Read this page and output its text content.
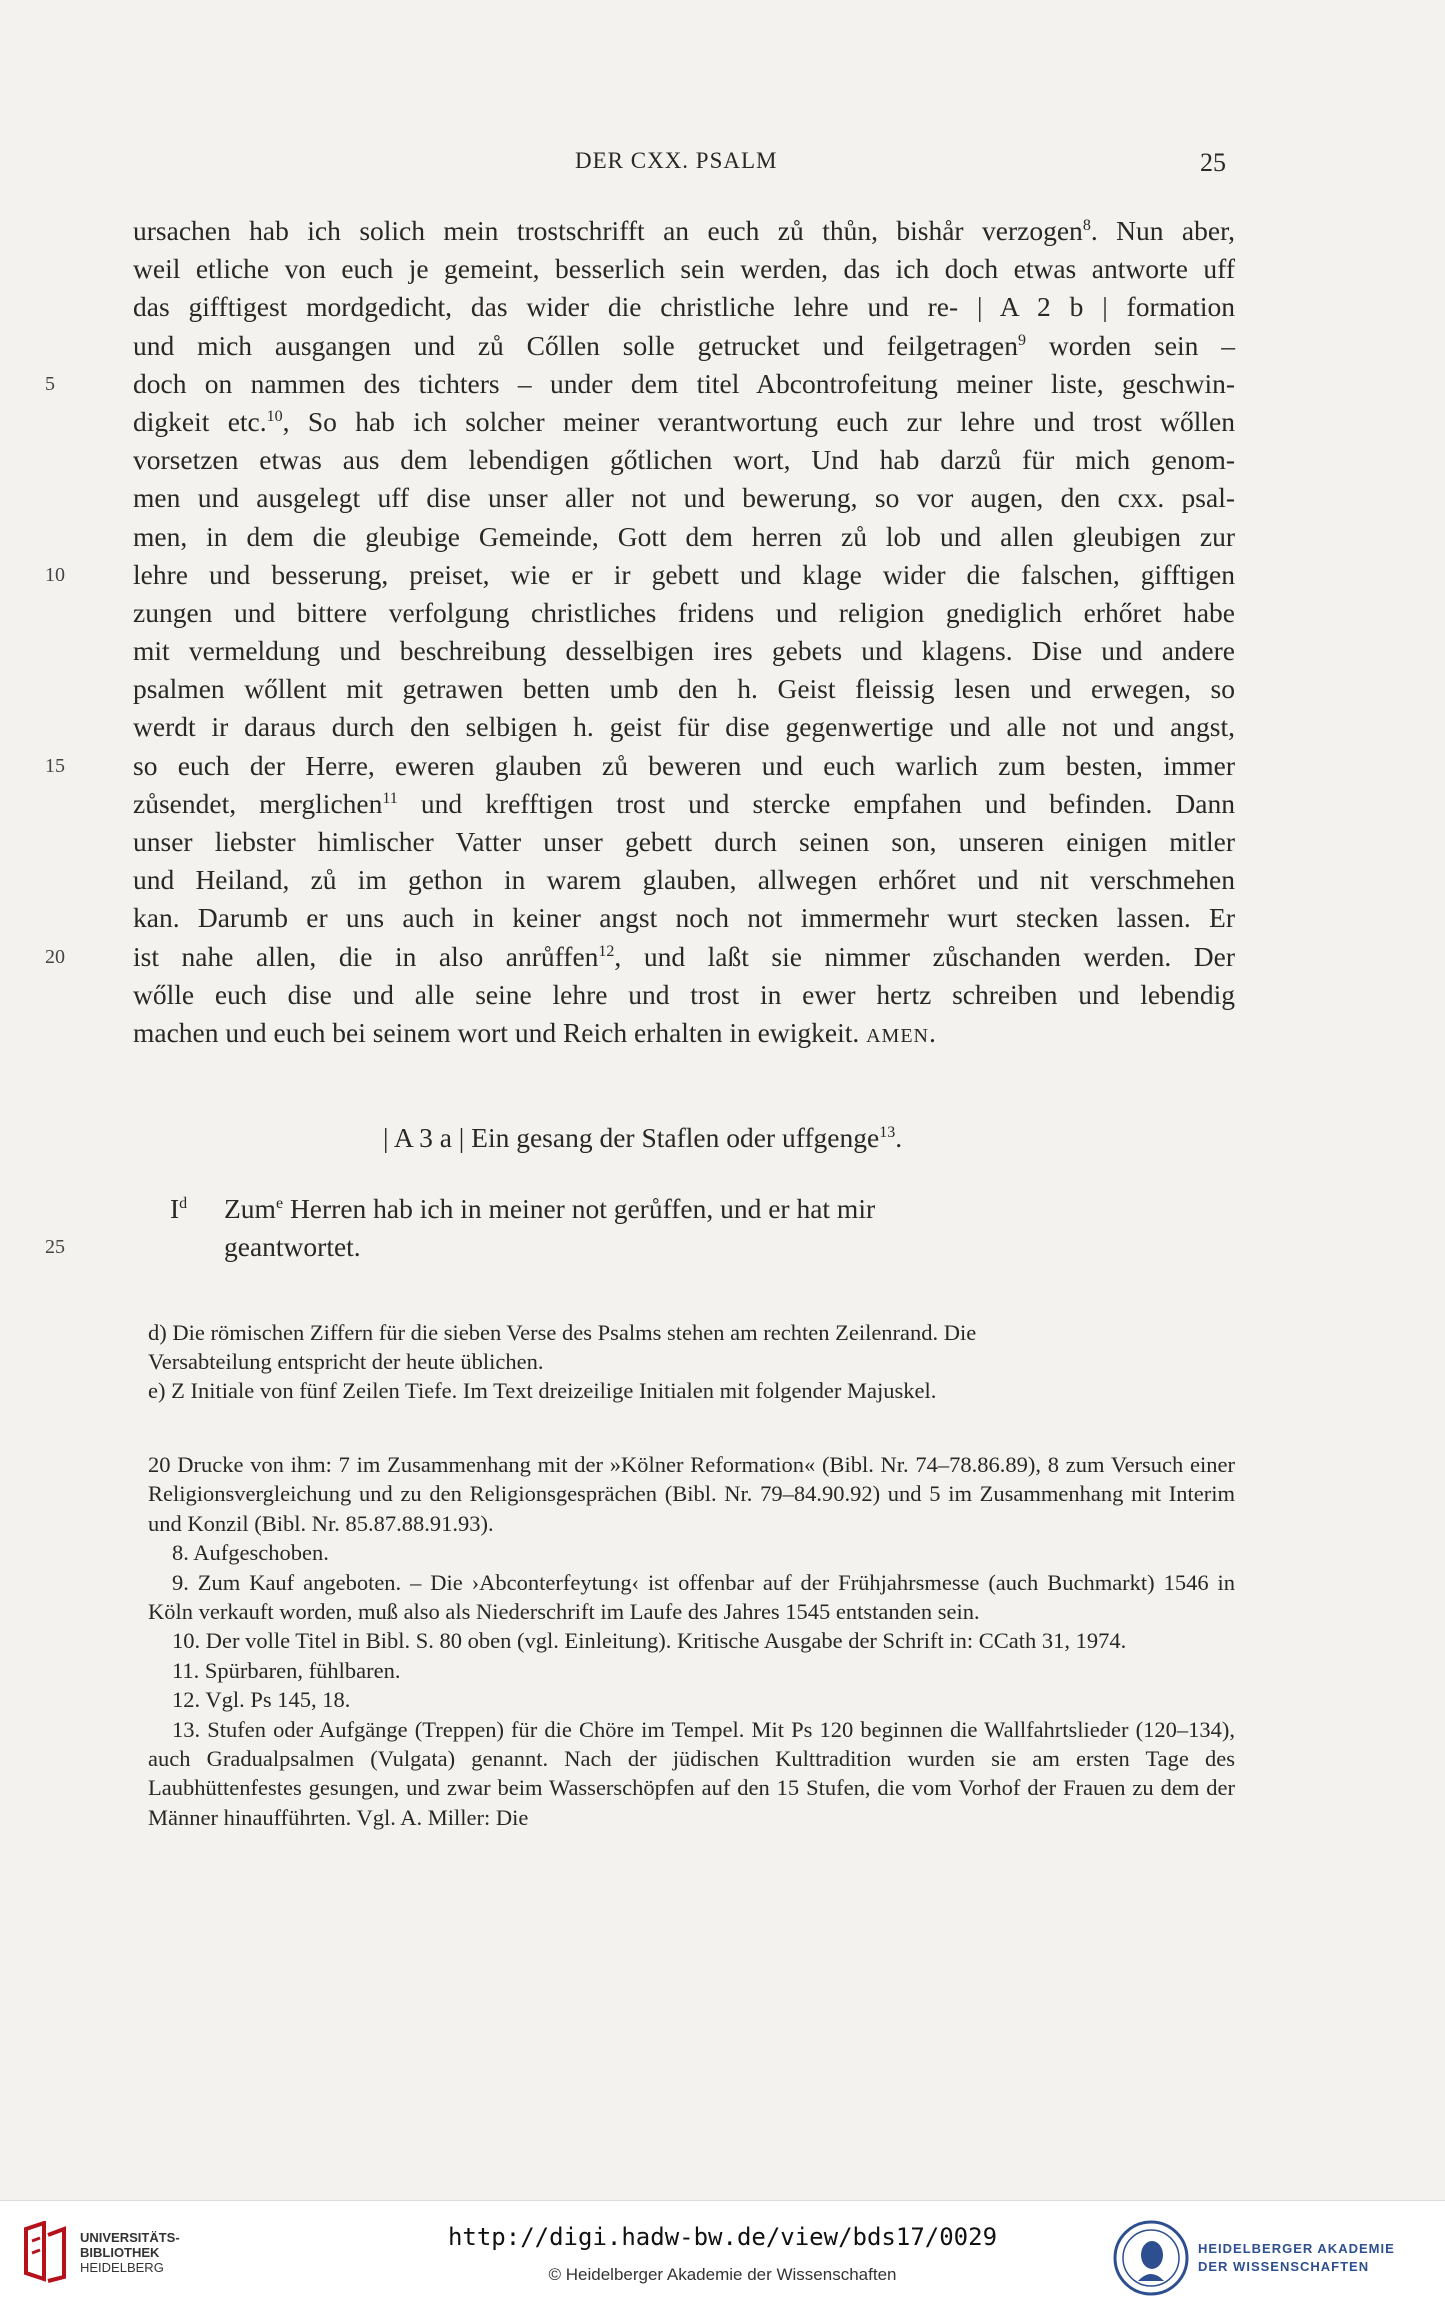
DER CXX. PSALM	25
ursachen hab ich solich mein trostschrifft an euch zů thůn, bishår verzogen$^8$. Nun aber,
weil etliche von euch je gemeint, besserlich sein werden, das ich doch etwas antworte uff
das gifftigest mordgedicht, das wider die christliche lehre und re- | A 2 b | formation
und mich ausgangen und zů Cőllen solle getrucket und feilgetragen$^9$ worden sein –
5	doch on nammen des tichters – under dem titel Abcontrofeitung meiner liste, geschwin-
digkeit etc.$^{10}$, So hab ich solcher meiner verantwortung euch zur lehre und trost wőllen
vorsetzen etwas aus dem lebendigen gőtlichen wort, Und hab darzů für mich genom-
men und ausgelegt uff dise unser aller not und bewerung, so vor augen, den cxx. psal-
men, in dem die gleubige Gemeinde, Gott dem herren zů lob und allen gleubigen zur
10 lehre und besserung, preiset, wie er ir gebett und klage wider die falschen, gifftigen
zungen und bittere verfolgung christliches fridens und religion gnediglich erhőret habe
mit vermeldung und beschreibung desselbigen ires gebets und klagens. Dise und andere
psalmen wőllent mit getrawen betten umb den h. Geist fleissig lesen und erwegen, so
werdt ir daraus durch den selbigen h. geist für dise gegenwertige und alle not und angst,
15 so euch der Herre, eweren glauben zů beweren und euch warlich zum besten, immer
zůsendet, merglichen$^{11}$ und krefftigen trost und stercke empfahen und befinden. Dann
unser liebster himlischer Vatter unser gebett durch seinen son, unseren einigen mitler
und Heiland, zů im gethon in warem glauben, allwegen erhőret und nit verschmehen
kan. Darumb er uns auch in keiner angst noch not immermehr wurt stecken lassen. Er
20 ist nahe allen, die in also anrůffen$^{12}$, und laßt sie nimmer zůschanden werden. Der
wőlle euch dise und alle seine lehre und trost in ewer hertz schreiben und lebendig
machen und euch bei seinem wort und Reich erhalten in ewigkeit. AMEN.
| A 3 a | Ein gesang der Staflen oder uffgenge$^{13}$.
$I^d$ Zum$^e$ Herren hab ich in meiner not gerůffen, und er hat mir
25	geantwortet.
d) Die römischen Ziffern für die sieben Verse des Psalms stehen am rechten Zeilenrand. Die
Versabteilung entspricht der heute üblichen.
e) Z Initiale von fünf Zeilen Tiefe. Im Text dreizeilige Initialen mit folgender Majuskel.
20 Drucke von ihm: 7 im Zusammenhang mit der »Kölner Reformation« (Bibl. Nr. 74–78.86.89), 8 zum Versuch einer Religionsvergleichung und zu den Religionsgesprächen (Bibl. Nr. 79–84.90.92) und 5 im Zusammenhang mit Interim und Konzil (Bibl. Nr. 85.87.88.91.93).
8. Aufgeschoben.
9. Zum Kauf angeboten. – Die ›Abconterfeytung‹ ist offenbar auf der Frühjahrsmesse (auch Buchmarkt) 1546 in Köln verkauft worden, muß also als Niederschrift im Laufe des Jahres 1545 entstanden sein.
10. Der volle Titel in Bibl. S. 80 oben (vgl. Einleitung). Kritische Ausgabe der Schrift in: CCath 31, 1974.
11. Spürbaren, fühlbaren.
12. Vgl. Ps 145, 18.
13. Stufen oder Aufgänge (Treppen) für die Chöre im Tempel. Mit Ps 120 beginnen die Wallfahrtslieder (120–134), auch Gradualpsalmen (Vulgata) genannt. Nach der jüdischen Kulttradition wurden sie am ersten Tage des Laubhüttenfestes gesungen, und zwar beim Wasserschöpfen auf den 15 Stufen, die vom Vorhof der Frauen zu dem der Männer hinaufführten. Vgl. A. Miller: Die
UNIVERSITÄTS-
BIBLIOTHEK
HEIDELBERG
http://digi.hadw-bw.de/view/bds17/0029
© Heidelberger Akademie der Wissenschaften
HEIDELBERGER AKADEMIE
DER WISSENSCHAFTEN
